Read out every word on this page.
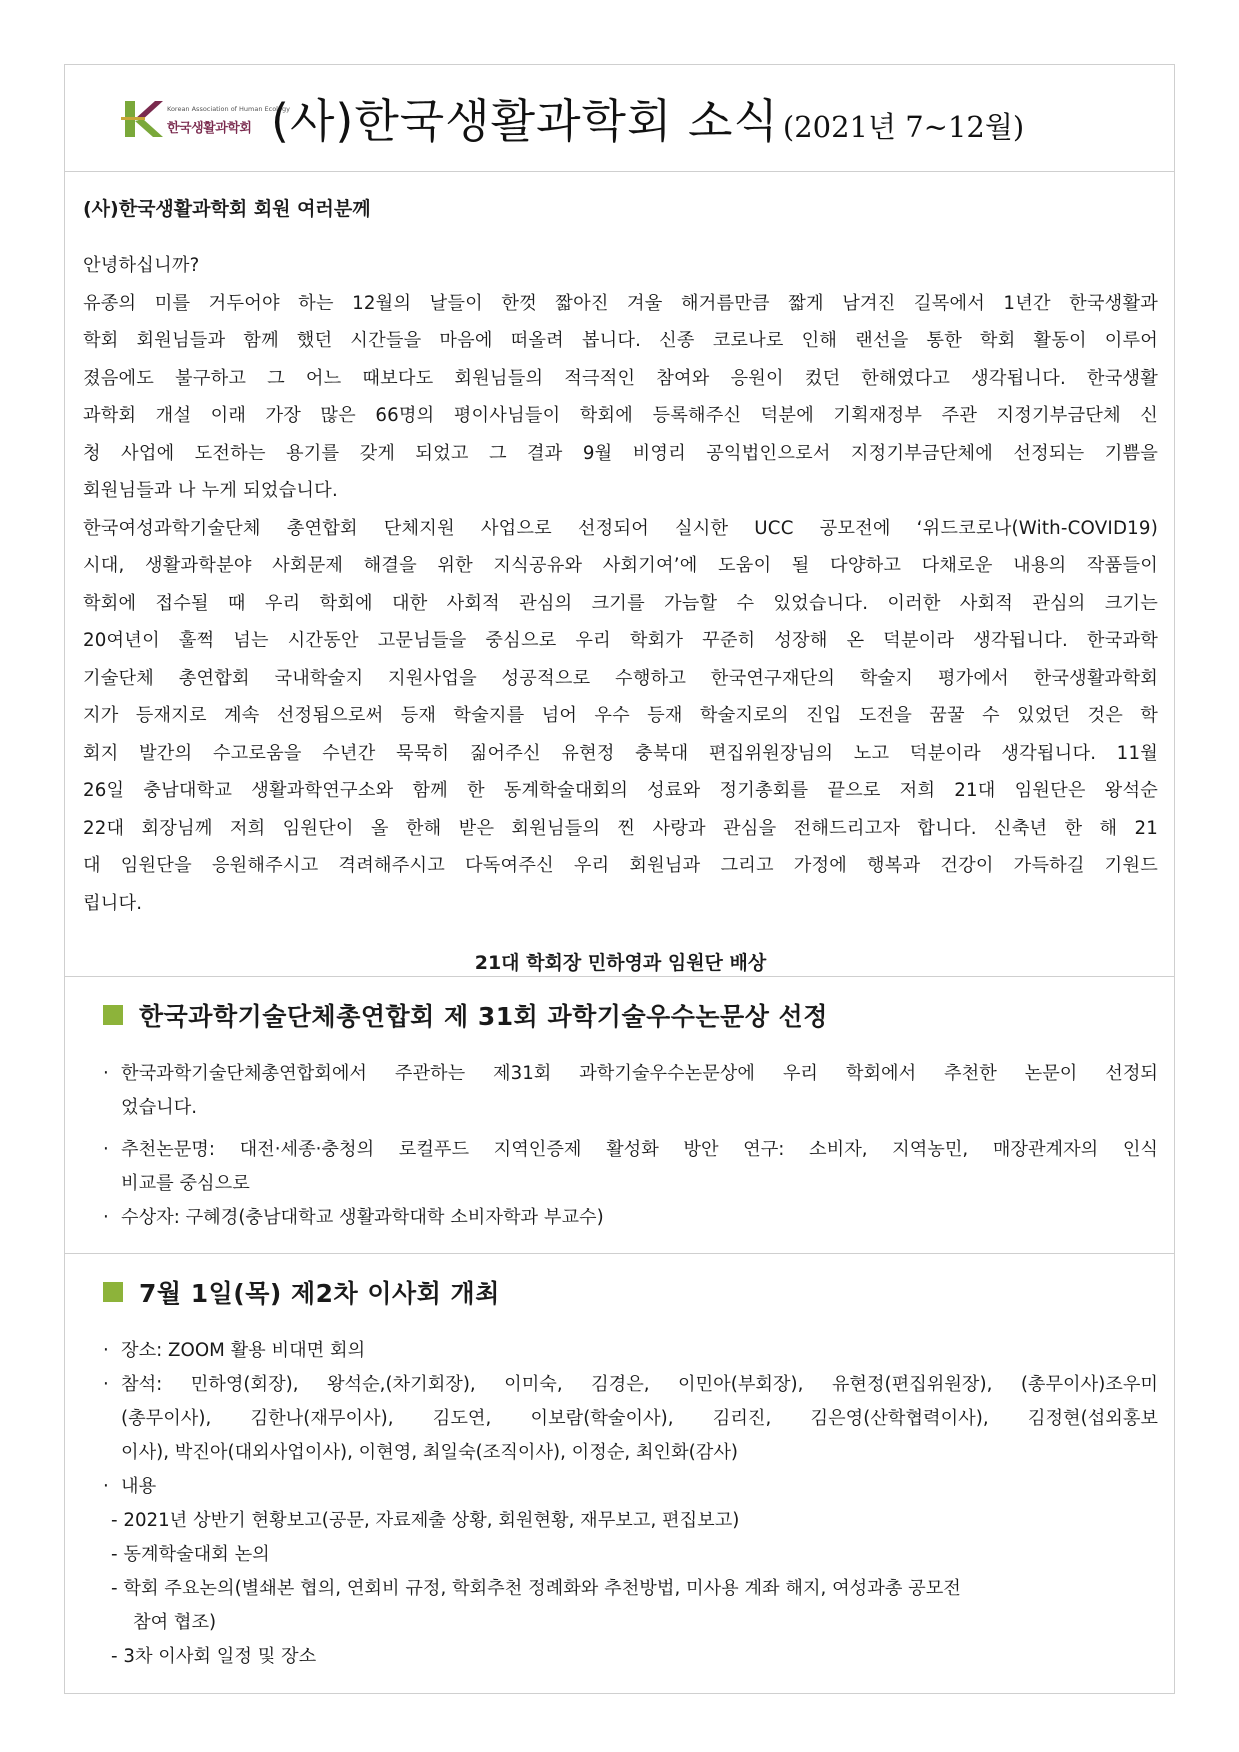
Korean Association of Human Ecology
한국생활과학회 (사)한국생활과학회 소식 (2021년 7~12월)
(사)한국생활과학회 회원 여러분께
안녕하십니까?
유종의 미를 거두어야 하는 12월의 날들이 한껏 짧아진 겨울 해거름만큼 짧게 남겨진 길목에서 1년간 한국생활과
학회 회원님들과 함께 했던 시간들을 마음에 떠올려 봅니다. 신종 코로나로 인해 랜선을 통한 학회 활동이 이루어
졌음에도 불구하고 그 어느 때보다도 회원님들의 적극적인 참여와 응원이 컸던 한해였다고 생각됩니다. 한국생활
과학회 개설 이래 가장 많은 66명의 평이사님들이 학회에 등록해주신 덕분에 기획재정부 주관 지정기부금단체 신
청 사업에 도전하는 용기를 갖게 되었고 그 결과 9월 비영리 공익법인으로서 지정기부금단체에 선정되는 기쁨을
회원님들과 나 누게 되었습니다.
한국여성과학기술단체 총연합회 단체지원 사업으로 선정되어 실시한 UCC 공모전에 ‘위드코로나(With-COVID19)
시대, 생활과학분야 사회문제 해결을 위한 지식공유와 사회기여’에 도움이 될 다양하고 다채로운 내용의 작품들이
학회에 접수될 때 우리 학회에 대한 사회적 관심의 크기를 가늠할 수 있었습니다. 이러한 사회적 관심의 크기는
20여년이 훌쩍 넘는 시간동안 고문님들을 중심으로 우리 학회가 꾸준히 성장해 온 덕분이라 생각됩니다. 한국과학
기술단체 총연합회 국내학술지 지원사업을 성공적으로 수행하고 한국연구재단의 학술지 평가에서 한국생활과학회
지가 등재지로 계속 선정됨으로써 등재 학술지를 넘어 우수 등재 학술지로의 진입 도전을 꿈꿀 수 있었던 것은 학
회지 발간의 수고로움을 수년간 묵묵히 짊어주신 유현정 충북대 편집위원장님의 노고 덕분이라 생각됩니다. 11월
26일 충남대학교 생활과학연구소와 함께 한 동계학술대회의 성료와 정기총회를 끝으로 저희 21대 임원단은 왕석순
22대 회장님께 저희 임원단이 올 한해 받은 회원님들의 찐 사랑과 관심을 전해드리고자 합니다. 신축년 한 해 21
대 임원단을 응원해주시고 격려해주시고 다독여주신 우리 회원님과 그리고 가정에 행복과 건강이 가득하길 기원드
립니다.
21대 학회장 민하영과 임원단 배상
한국과학기술단체총연합회 제 31회 과학기술우수논문상 선정
· 한국과학기술단체총연합회에서 주관하는 제31회 과학기술우수논문상에 우리 학회에서 추천한 논문이 선정되
었습니다.
· 추천논문명: 대전·세종·충청의 로컬푸드 지역인증제 활성화 방안 연구: 소비자, 지역농민, 매장관계자의 인식
비교를 중심으로
· 수상자: 구혜경(충남대학교 생활과학대학 소비자학과 부교수)
7월 1일(목) 제2차 이사회 개최
· 장소: ZOOM 활용 비대면 회의
· 참석: 민하영(회장), 왕석순,(차기회장), 이미숙, 김경은, 이민아(부회장), 유현정(편집위원장), (총무이사)조우미
(총무이사), 김한나(재무이사), 김도연, 이보람(학술이사), 김리진, 김은영(산학협력이사), 김정현(섭외홍보
이사), 박진아(대외사업이사), 이현영, 최일숙(조직이사), 이정순, 최인화(감사)
· 내용
- 2021년 상반기 현황보고(공문, 자료제출 상황, 회원현황, 재무보고, 편집보고)
- 동계학술대회 논의
- 학회 주요논의(별쇄본 협의, 연회비 규정, 학회추천 정례화와 추천방법, 미사용 계좌 해지, 여성과총 공모전
참여 협조)
- 3차 이사회 일정 및 장소
